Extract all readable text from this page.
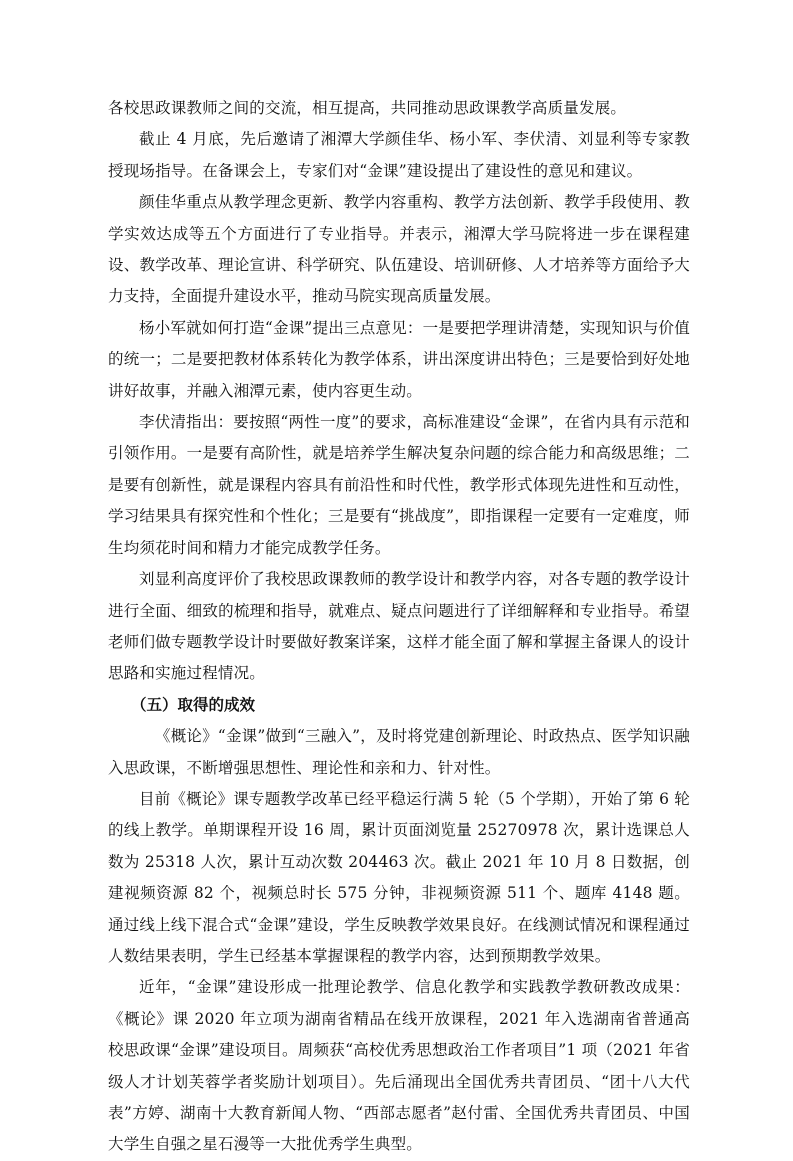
各校思政课教师之间的交流，相互提高，共同推动思政课教学高质量发展。

截止 4 月底，先后邀请了湘潭大学颜佳华、杨小军、李伏清、刘显利等专家教授现场指导。在备课会上，专家们对“金课”建设提出了建设性的意见和建议。

颜佳华重点从教学理念更新、教学内容重构、教学方法创新、教学手段使用、教学实效达成等五个方面进行了专业指导。并表示，湘潭大学马院将进一步在课程建设、教学改革、理论宣讲、科学研究、队伍建设、培训研修、人才培养等方面给予大力支持，全面提升建设水平，推动马院实现高质量发展。

杨小军就如何打造“金课”提出三点意见：一是要把学理讲清楚，实现知识与价值的统一；二是要把教材体系转化为教学体系，讲出深度讲出特色；三是要恰到好处地讲好故事，并融入湘潭元素，使内容更生动。

李伏清指出：要按照“两性一度”的要求，高标准建设“金课”，在省内具有示范和引领作用。一是要有高阶性，就是培养学生解决复杂问题的综合能力和高级思维；二是要有创新性，就是课程内容具有前沿性和时代性，教学形式体现先进性和互动性，学习结果具有探究性和个性化；三是要有“挑战度”，即指课程一定要有一定难度，师生均须花时间和精力才能完成教学任务。

刘显利高度评价了我校思政课教师的教学设计和教学内容，对各专题的教学设计进行全面、细致的梳理和指导，就难点、疑点问题进行了详细解释和专业指导。希望老师们做专题教学设计时要做好教案详案，这样才能全面了解和掌握主备课人的设计思路和实施过程情况。

（五）取得的成效

《概论》“金课”做到“三融入”，及时将党建创新理论、时政热点、医学知识融入思政课，不断增强思想性、理论性和亲和力、针对性。

目前《概论》课专题教学改革已经平稳运行满 5 轮（5 个学期），开始了第 6 轮的线上教学。单期课程开设 16 周，累计页面浏览量 25270978 次，累计选课总人数为 25318 人次，累计互动次数 204463 次。截止 2021 年 10 月 8 日数据，创建视频资源 82 个，视频总时长 575 分钟，非视频资源 511 个、题库 4148 题。通过线上线下混合式“金课”建设，学生反映教学效果良好。在线测试情况和课程通过人数结果表明，学生已经基本掌握课程的教学内容，达到预期教学效果。

近年，“金课”建设形成一批理论教学、信息化教学和实践教学教研教改成果：《概论》课 2020 年立项为湖南省精品在线开放课程，2021 年入选湖南省普通高校思政课“金课”建设项目。周频获“高校优秀思想政治工作者项目”1 项（2021 年省级人才计划芙蓉学者奖励计划项目）。先后涌现出全国优秀共青团员、“团十八大代表”方婷、湖南十大教育新闻人物、“西部志愿者”赵付雷、全国优秀共青团员、中国大学生自强之星石漫等一大批优秀学生典型。
